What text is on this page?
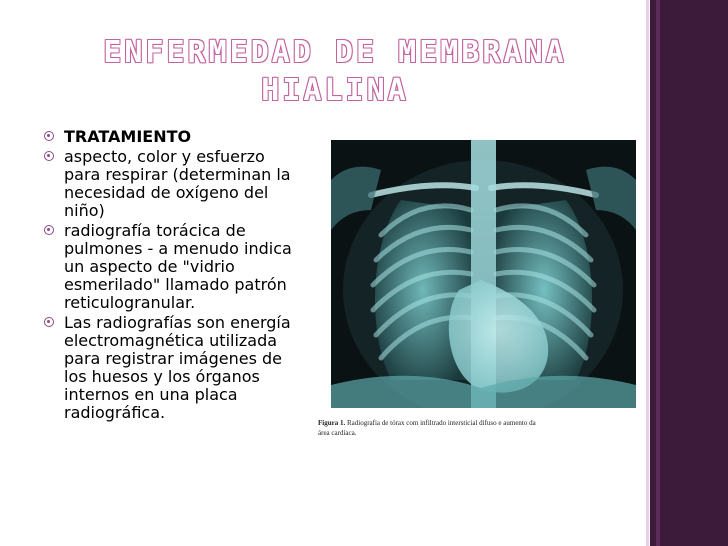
ENFERMEDAD DE MEMBRANA
HIALINA
TRATAMIENTO
aspecto, color y esfuerzo para respirar (determinan la necesidad de oxígeno del niño)
radiografía torácica de pulmones - a menudo indica un aspecto de "vidrio esmerilado" llamado patrón reticulogranular.
Las radiografías son energía electromagnética utilizada para registrar imágenes de los huesos y los órganos internos en una placa radiográfica.
Figura 1. Radiografia de tórax com infiltrado intersticial difuso e aumento da área cardíaca.
